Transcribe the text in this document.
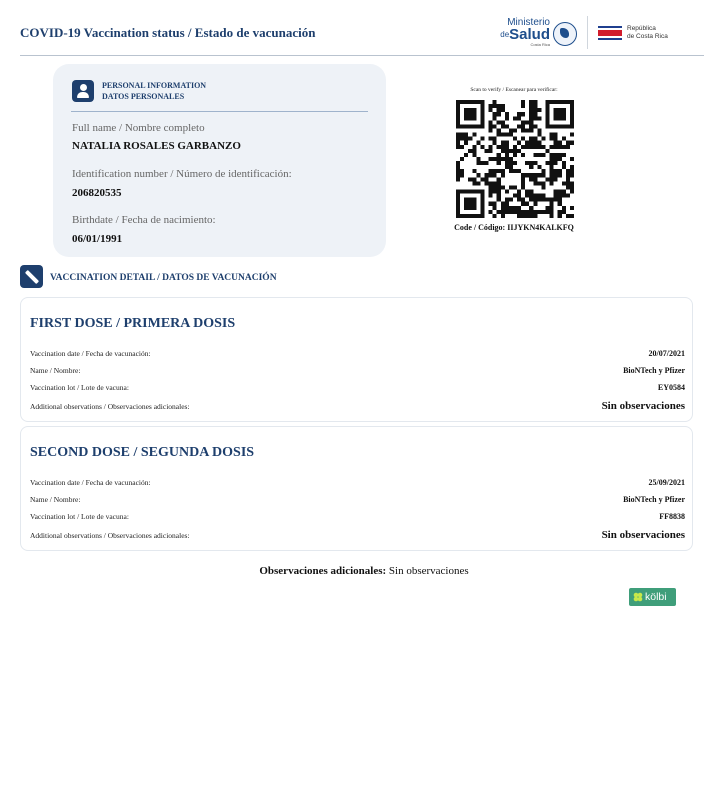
COVID-19 Vaccination status / Estado de vacunación
Ministerio
$^{de}$Salud
Costa Rica
República
de Costa Rica
PERSONAL INFORMATION
DATOS PERSONALES
Full name / Nombre completo
NATALIA ROSALES GARBANZO
Identification number / Número de identificación:
206820535
Birthdate / Fecha de nacimiento:
06/01/1991
Scan to verify / Escanear para verificar:
Code / Código: IIJYKN4KALKFQ
VACCINATION DETAIL / DATOS DE VACUNACIÓN
FIRST DOSE / PRIMERA DOSIS
Vaccination date / Fecha de vacunación:	20/07/2021
Name / Nombre:	BioNTech y Pfizer
Vaccination lot / Lote de vacuna:	EY0584
Additional observations / Observaciones adicionales:	Sin observaciones
SECOND DOSE / SEGUNDA DOSIS
Vaccination date / Fecha de vacunación:	25/09/2021
Name / Nombre:	BioNTech y Pfizer
Vaccination lot / Lote de vacuna:	FF8838
Additional observations / Observaciones adicionales:	Sin observaciones
Observaciones adicionales: Sin observaciones
kölbi
